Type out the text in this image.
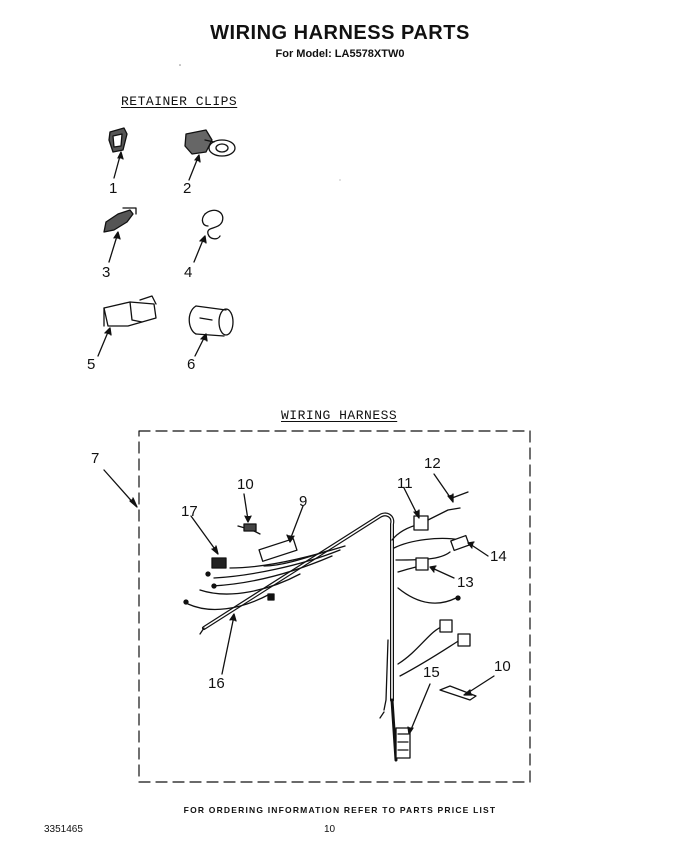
WIRING HARNESS PARTS
For Model: LA5578XTW0
RETAINER CLIPS
WIRING HARNESS
1	2
3	4
5	6
7
10
9
17
11
12
14
13
16
15	10
FOR ORDERING INFORMATION REFER TO PARTS PRICE LIST
3351465	10
